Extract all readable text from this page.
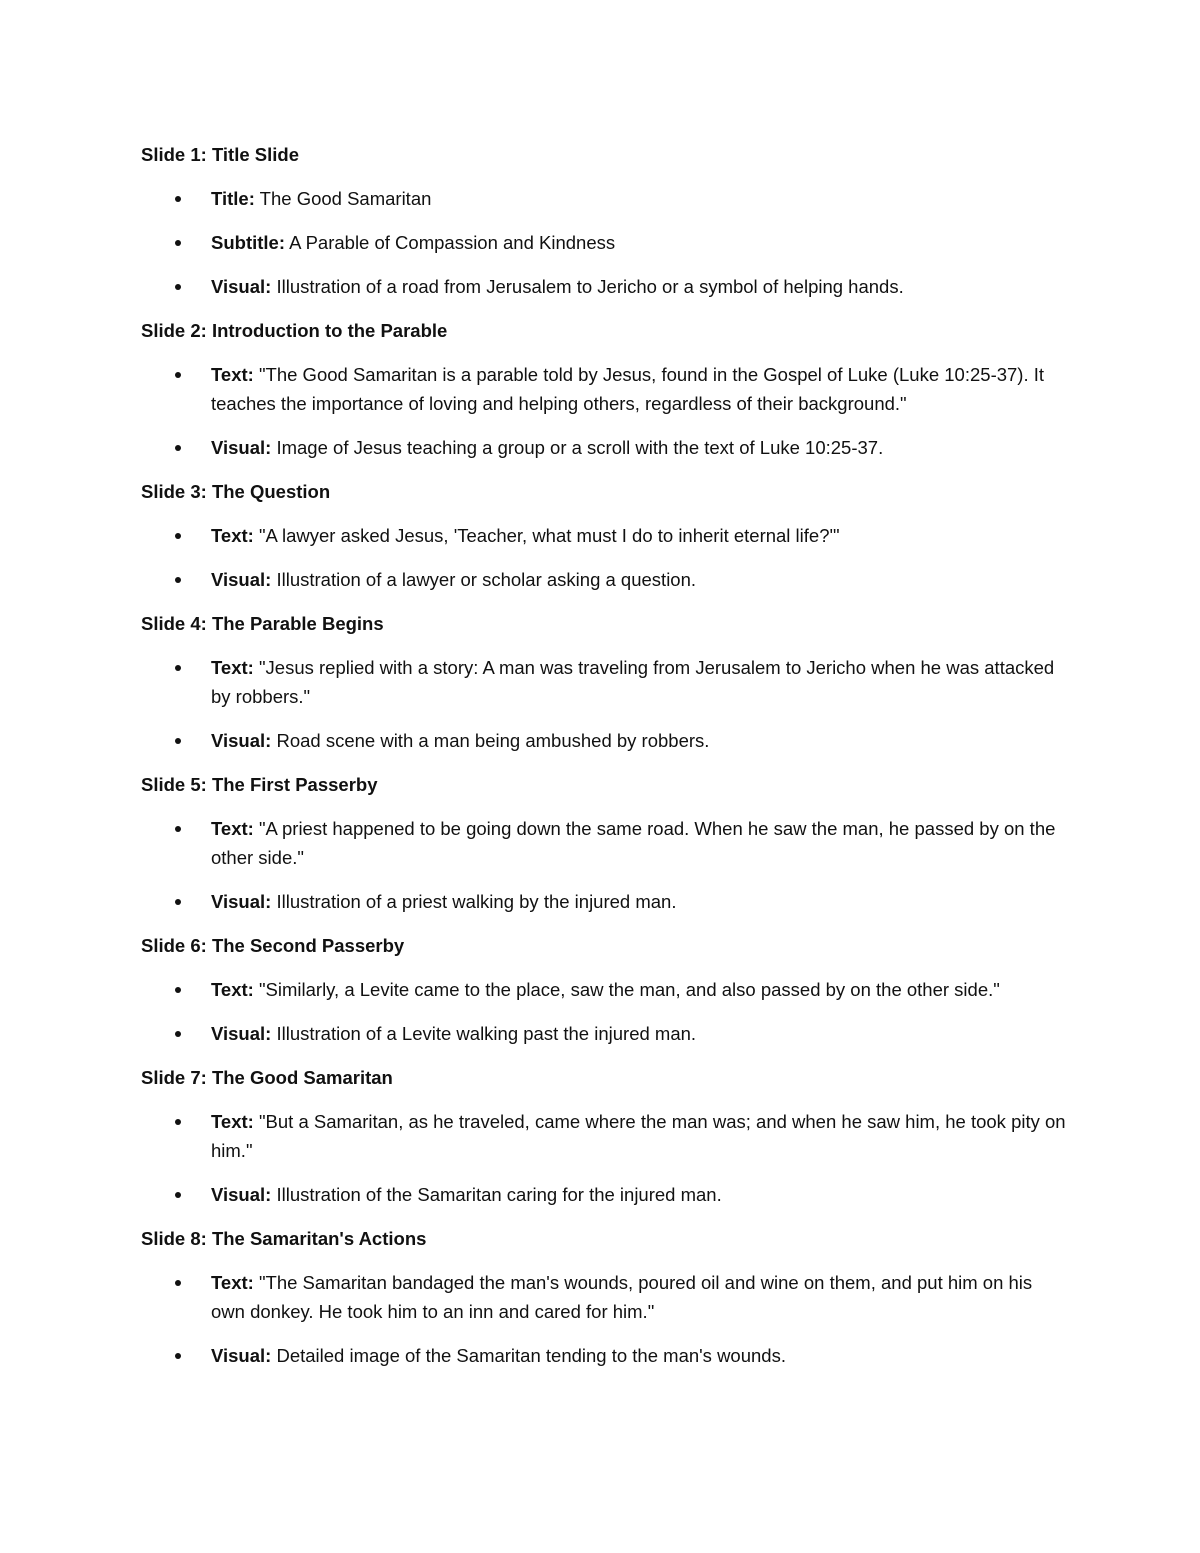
Slide 1: Title Slide
Title: The Good Samaritan
Subtitle: A Parable of Compassion and Kindness
Visual: Illustration of a road from Jerusalem to Jericho or a symbol of helping hands.
Slide 2: Introduction to the Parable
Text: "The Good Samaritan is a parable told by Jesus, found in the Gospel of Luke (Luke 10:25-37). It teaches the importance of loving and helping others, regardless of their background."
Visual: Image of Jesus teaching a group or a scroll with the text of Luke 10:25-37.
Slide 3: The Question
Text: "A lawyer asked Jesus, 'Teacher, what must I do to inherit eternal life?'"
Visual: Illustration of a lawyer or scholar asking a question.
Slide 4: The Parable Begins
Text: "Jesus replied with a story: A man was traveling from Jerusalem to Jericho when he was attacked by robbers."
Visual: Road scene with a man being ambushed by robbers.
Slide 5: The First Passerby
Text: "A priest happened to be going down the same road. When he saw the man, he passed by on the other side."
Visual: Illustration of a priest walking by the injured man.
Slide 6: The Second Passerby
Text: "Similarly, a Levite came to the place, saw the man, and also passed by on the other side."
Visual: Illustration of a Levite walking past the injured man.
Slide 7: The Good Samaritan
Text: "But a Samaritan, as he traveled, came where the man was; and when he saw him, he took pity on him."
Visual: Illustration of the Samaritan caring for the injured man.
Slide 8: The Samaritan's Actions
Text: "The Samaritan bandaged the man's wounds, poured oil and wine on them, and put him on his own donkey. He took him to an inn and cared for him."
Visual: Detailed image of the Samaritan tending to the man's wounds.
